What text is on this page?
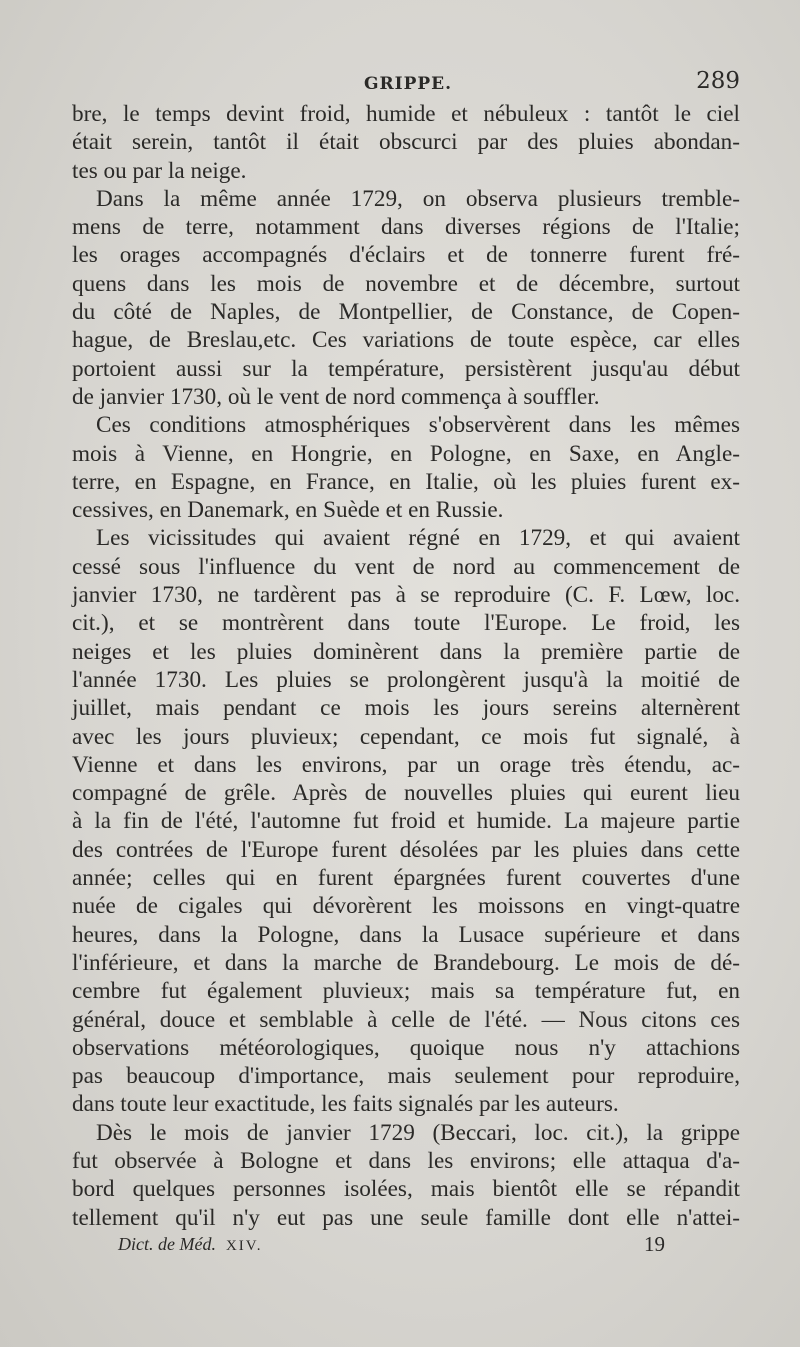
GRIPPE.	289
bre, le temps devint froid, humide et nébuleux : tantôt le ciel
était serein, tantôt il était obscurci par des pluies abondan-
tes ou par la neige.
Dans la même année 1729, on observa plusieurs tremble-
mens de terre, notamment dans diverses régions de l'Italie;
les orages accompagnés d'éclairs et de tonnerre furent fré-
quens dans les mois de novembre et de décembre, surtout
du côté de Naples, de Montpellier, de Constance, de Copen-
hague, de Breslau,etc. Ces variations de toute espèce, car elles
portoient aussi sur la température, persistèrent jusqu'au début
de janvier 1730, où le vent de nord commença à souffler.
Ces conditions atmosphériques s'observèrent dans les mêmes
mois à Vienne, en Hongrie, en Pologne, en Saxe, en Angle-
terre, en Espagne, en France, en Italie, où les pluies furent ex-
cessives, en Danemark, en Suède et en Russie.
Les vicissitudes qui avaient régné en 1729, et qui avaient
cessé sous l'influence du vent de nord au commencement de
janvier 1730, ne tardèrent pas à se reproduire (C. F. Lœw, loc.
cit.), et se montrèrent dans toute l'Europe. Le froid, les
neiges et les pluies dominèrent dans la première partie de
l'année 1730. Les pluies se prolongèrent jusqu'à la moitié de
juillet, mais pendant ce mois les jours sereins alternèrent
avec les jours pluvieux; cependant, ce mois fut signalé, à
Vienne et dans les environs, par un orage très étendu, ac-
compagné de grêle. Après de nouvelles pluies qui eurent lieu
à la fin de l'été, l'automne fut froid et humide. La majeure partie
des contrées de l'Europe furent désolées par les pluies dans cette
année; celles qui en furent épargnées furent couvertes d'une
nuée de cigales qui dévorèrent les moissons en vingt-quatre
heures, dans la Pologne, dans la Lusace supérieure et dans
l'inférieure, et dans la marche de Brandebourg. Le mois de dé-
cembre fut également pluvieux; mais sa température fut, en
général, douce et semblable à celle de l'été. — Nous citons ces
observations météorologiques, quoique nous n'y attachions
pas beaucoup d'importance, mais seulement pour reproduire,
dans toute leur exactitude, les faits signalés par les auteurs.
Dès le mois de janvier 1729 (Beccari, loc. cit.), la grippe
fut observée à Bologne et dans les environs; elle attaqua d'a-
bord quelques personnes isolées, mais bientôt elle se répandit
tellement qu'il n'y eut pas une seule famille dont elle n'attei-
Dict. de Méd. XIV.	19
